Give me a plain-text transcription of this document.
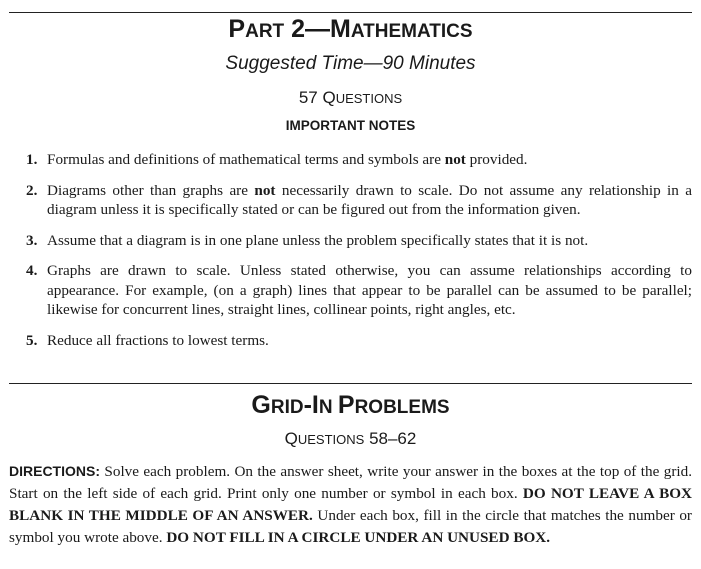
PART 2—MATHEMATICS
Suggested Time—90 Minutes
57 QUESTIONS
IMPORTANT NOTES
1. Formulas and definitions of mathematical terms and symbols are not provided.
2. Diagrams other than graphs are not necessarily drawn to scale. Do not assume any relationship in a diagram unless it is specifically stated or can be figured out from the information given.
3. Assume that a diagram is in one plane unless the problem specifically states that it is not.
4. Graphs are drawn to scale. Unless stated otherwise, you can assume relationships according to appearance. For example, (on a graph) lines that appear to be parallel can be assumed to be parallel; likewise for concurrent lines, straight lines, collinear points, right angles, etc.
5. Reduce all fractions to lowest terms.
GRID-IN PROBLEMS
QUESTIONS 58–62
DIRECTIONS: Solve each problem. On the answer sheet, write your answer in the boxes at the top of the grid. Start on the left side of each grid. Print only one number or symbol in each box. DO NOT LEAVE A BOX BLANK IN THE MIDDLE OF AN ANSWER. Under each box, fill in the circle that matches the number or symbol you wrote above. DO NOT FILL IN A CIRCLE UNDER AN UNUSED BOX.
